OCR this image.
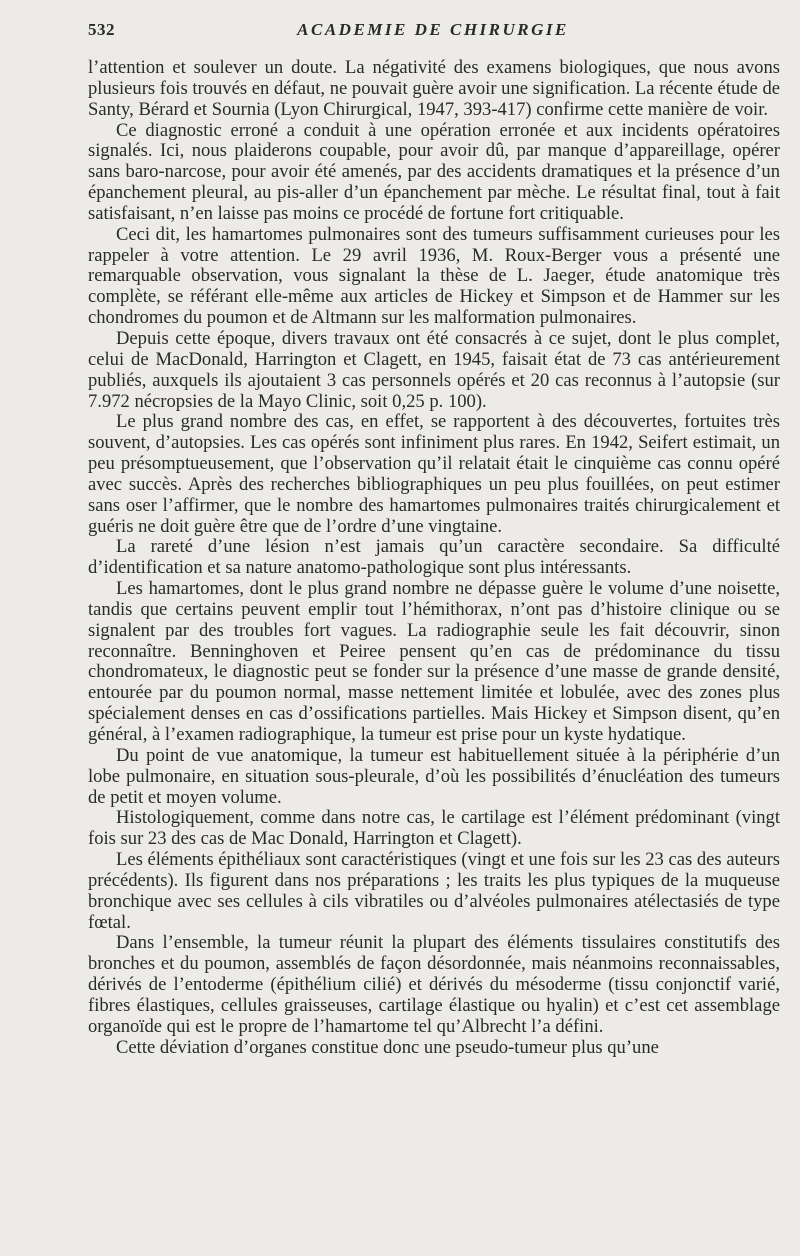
532	ACADEMIE DE CHIRURGIE

l’attention et soulever un doute. La négativité des examens biologiques, que nous avons plusieurs fois trouvés en défaut, ne pouvait guère avoir une signification. La récente étude de Santy, Bérard et Sournia (Lyon Chirurgical, 1947, 393-417) confirme cette manière de voir.

Ce diagnostic erroné a conduit à une opération erronée et aux incidents opératoires signalés. Ici, nous plaiderons coupable, pour avoir dû, par manque d’appareillage, opérer sans baro-narcose, pour avoir été amenés, par des accidents dramatiques et la présence d’un épanchement pleural, au pis-aller d’un épanchement par mèche. Le résultat final, tout à fait satisfaisant, n’en laisse pas moins ce procédé de fortune fort critiquable.

Ceci dit, les hamartomes pulmonaires sont des tumeurs suffisamment curieuses pour les rappeler à votre attention. Le 29 avril 1936, M. Roux-Berger vous a présenté une remarquable observation, vous signalant la thèse de L. Jaeger, étude anatomique très complète, se référant elle-même aux articles de Hickey et Simpson et de Hammer sur les chondromes du poumon et de Altmann sur les malformation pulmonaires.

Depuis cette époque, divers travaux ont été consacrés à ce sujet, dont le plus complet, celui de MacDonald, Harrington et Clagett, en 1945, faisait état de 73 cas antérieurement publiés, auxquels ils ajoutaient 3 cas personnels opérés et 20 cas reconnus à l’autopsie (sur 7.972 nécropsies de la Mayo Clinic, soit 0,25 p. 100).

Le plus grand nombre des cas, en effet, se rapportent à des découvertes, fortuites très souvent, d’autopsies. Les cas opérés sont infiniment plus rares. En 1942, Seifert estimait, un peu présomptueusement, que l’observation qu’il relatait était le cinquième cas connu opéré avec succès. Après des recherches bibliographiques un peu plus fouillées, on peut estimer sans oser l’affirmer, que le nombre des hamartomes pulmonaires traités chirurgicalement et guéris ne doit guère être que de l’ordre d’une vingtaine.

La rareté d’une lésion n’est jamais qu’un caractère secondaire. Sa difficulté d’identification et sa nature anatomo-pathologique sont plus intéressants.

Les hamartomes, dont le plus grand nombre ne dépasse guère le volume d’une noisette, tandis que certains peuvent emplir tout l’hémithorax, n’ont pas d’histoire clinique ou se signalent par des troubles fort vagues. La radiographie seule les fait découvrir, sinon reconnaître. Benninghoven et Peiree pensent qu’en cas de prédominance du tissu chondromateux, le diagnostic peut se fonder sur la présence d’une masse de grande densité, entourée par du poumon normal, masse nettement limitée et lobulée, avec des zones plus spécialement denses en cas d’ossifications partielles. Mais Hickey et Simpson disent, qu’en général, à l’examen radiographique, la tumeur est prise pour un kyste hydatique.

Du point de vue anatomique, la tumeur est habituellement située à la périphérie d’un lobe pulmonaire, en situation sous-pleurale, d’où les possibilités d’énucléation des tumeurs de petit et moyen volume.

Histologiquement, comme dans notre cas, le cartilage est l’élément prédominant (vingt fois sur 23 des cas de Mac Donald, Harrington et Clagett).

Les éléments épithéliaux sont caractéristiques (vingt et une fois sur les 23 cas des auteurs précédents). Ils figurent dans nos préparations ; les traits les plus typiques de la muqueuse bronchique avec ses cellules à cils vibratiles ou d’alvéoles pulmonaires atélectasiés de type fœtal.

Dans l’ensemble, la tumeur réunit la plupart des éléments tissulaires constitutifs des bronches et du poumon, assemblés de façon désordonnée, mais néanmoins reconnaissables, dérivés de l’entoderme (épithélium cilié) et dérivés du mésoderme (tissu conjonctif varié, fibres élastiques, cellules graisseuses, cartilage élastique ou hyalin) et c’est cet assemblage organoïde qui est le propre de l’hamartome tel qu’Albrecht l’a défini.

Cette déviation d’organes constitue donc une pseudo-tumeur plus qu’une
